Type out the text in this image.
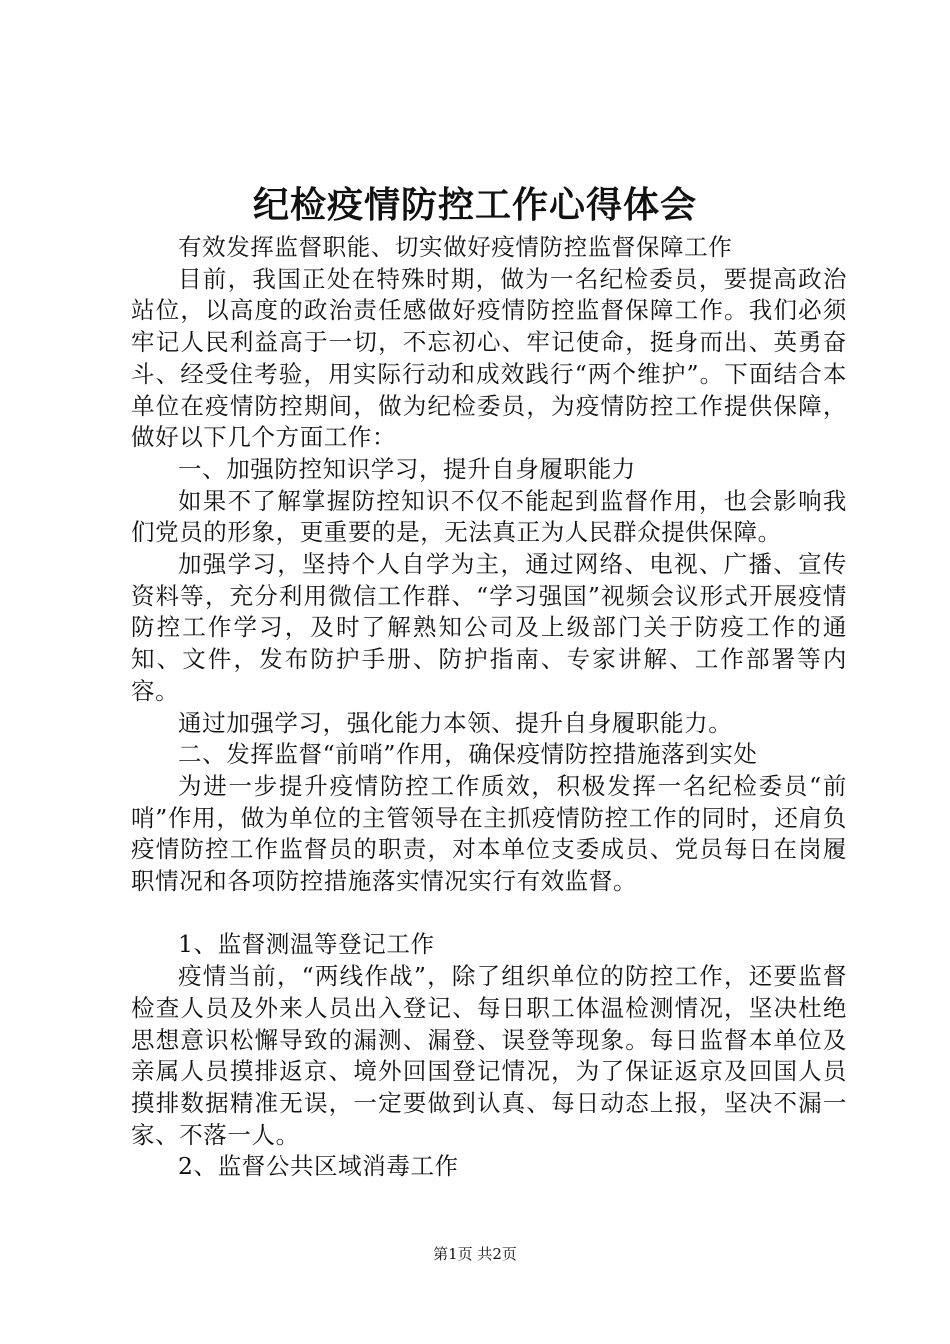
纪检疫情防控工作心得体会

有效发挥监督职能、切实做好疫情防控监督保障工作

目前，我国正处在特殊时期，做为一名纪检委员，要提高政治站位，以高度的政治责任感做好疫情防控监督保障工作。我们必须牢记人民利益高于一切，不忘初心、牢记使命，挺身而出、英勇奋斗、经受住考验，用实际行动和成效践行“两个维护”。下面结合本单位在疫情防控期间，做为纪检委员，为疫情防控工作提供保障，做好以下几个方面工作：

一、加强防控知识学习，提升自身履职能力

如果不了解掌握防控知识不仅不能起到监督作用，也会影响我们党员的形象，更重要的是，无法真正为人民群众提供保障。

加强学习，坚持个人自学为主，通过网络、电视、广播、宣传资料等，充分利用微信工作群、“学习强国”视频会议形式开展疫情防控工作学习，及时了解熟知公司及上级部门关于防疫工作的通知、文件，发布防护手册、防护指南、专家讲解、工作部署等内容。

通过加强学习，强化能力本领、提升自身履职能力。

二、发挥监督“前哨”作用，确保疫情防控措施落到实处

为进一步提升疫情防控工作质效，积极发挥一名纪检委员“前哨”作用，做为单位的主管领导在主抓疫情防控工作的同时，还肩负疫情防控工作监督员的职责，对本单位支委成员、党员每日在岗履职情况和各项防控措施落实情况实行有效监督。

1、监督测温等登记工作

疫情当前，“两线作战”，除了组织单位的防控工作，还要监督检查人员及外来人员出入登记、每日职工体温检测情况，坚决杜绝思想意识松懈导致的漏测、漏登、误登等现象。每日监督本单位及亲属人员摸排返京、境外回国登记情况，为了保证返京及回国人员摸排数据精准无误，一定要做到认真、每日动态上报，坚决不漏一家、不落一人。

2、监督公共区域消毒工作

第1页 共2页
